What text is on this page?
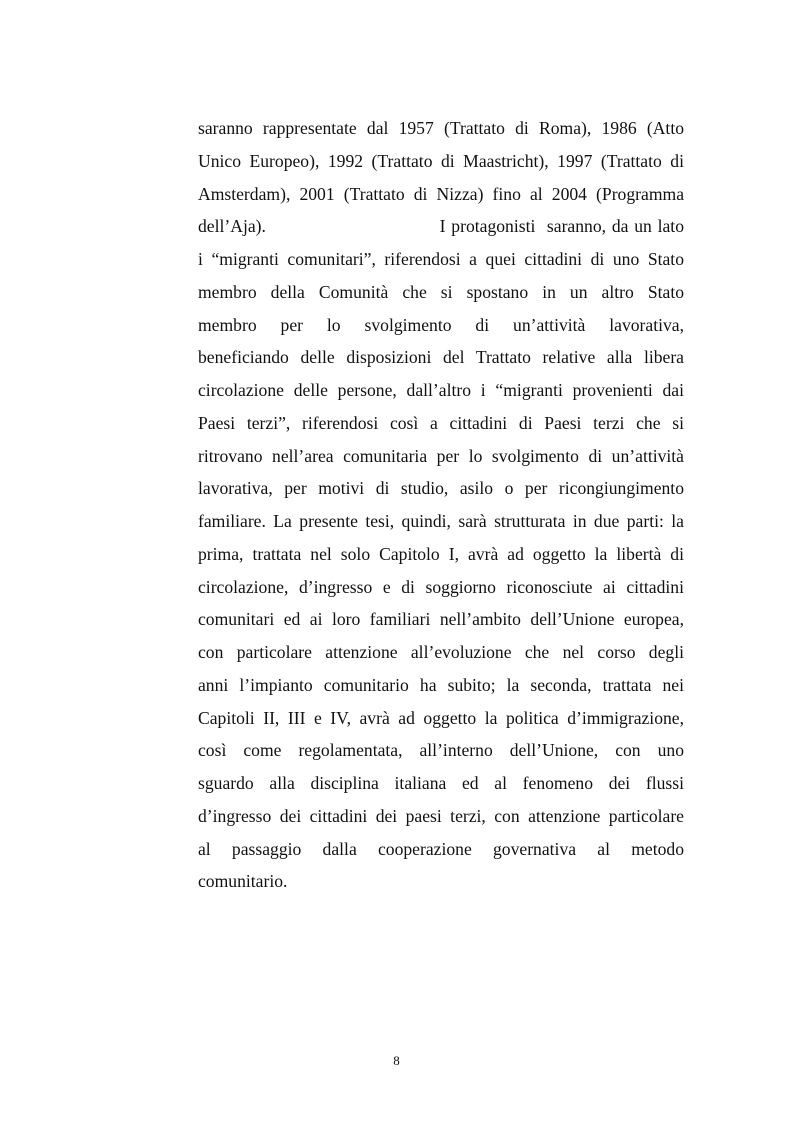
saranno rappresentate dal 1957 (Trattato di Roma), 1986 (Atto
Unico Europeo), 1992 (Trattato di Maastricht), 1997 (Trattato di
Amsterdam), 2001 (Trattato di Nizza) fino al 2004 (Programma
dell’Aja).                              I protagonisti  saranno, da un lato
i “migranti comunitari”, riferendosi a quei cittadini di uno Stato
membro della Comunità che si spostano in un altro Stato
membro per lo svolgimento di un’attività lavorativa,
beneficiando delle disposizioni del Trattato relative alla libera
circolazione delle persone, dall’altro i “migranti provenienti dai
Paesi terzi”, riferendosi così a cittadini di Paesi terzi che si
ritrovano nell’area comunitaria per lo svolgimento di un’attività
lavorativa, per motivi di studio, asilo o per ricongiungimento
familiare. La presente tesi, quindi, sarà strutturata in due parti: la
prima, trattata nel solo Capitolo I, avrà ad oggetto la libertà di
circolazione, d’ingresso e di soggiorno riconosciute ai cittadini
comunitari ed ai loro familiari nell’ambito dell’Unione europea,
con particolare attenzione all’evoluzione che nel corso degli
anni l’impianto comunitario ha subito; la seconda, trattata nei
Capitoli II, III e IV, avrà ad oggetto la politica d’immigrazione,
così come regolamentata, all’interno dell’Unione, con uno
sguardo alla disciplina italiana ed al fenomeno dei flussi
d’ingresso dei cittadini dei paesi terzi, con attenzione particolare
al passaggio dalla cooperazione governativa al metodo
comunitario.
8
